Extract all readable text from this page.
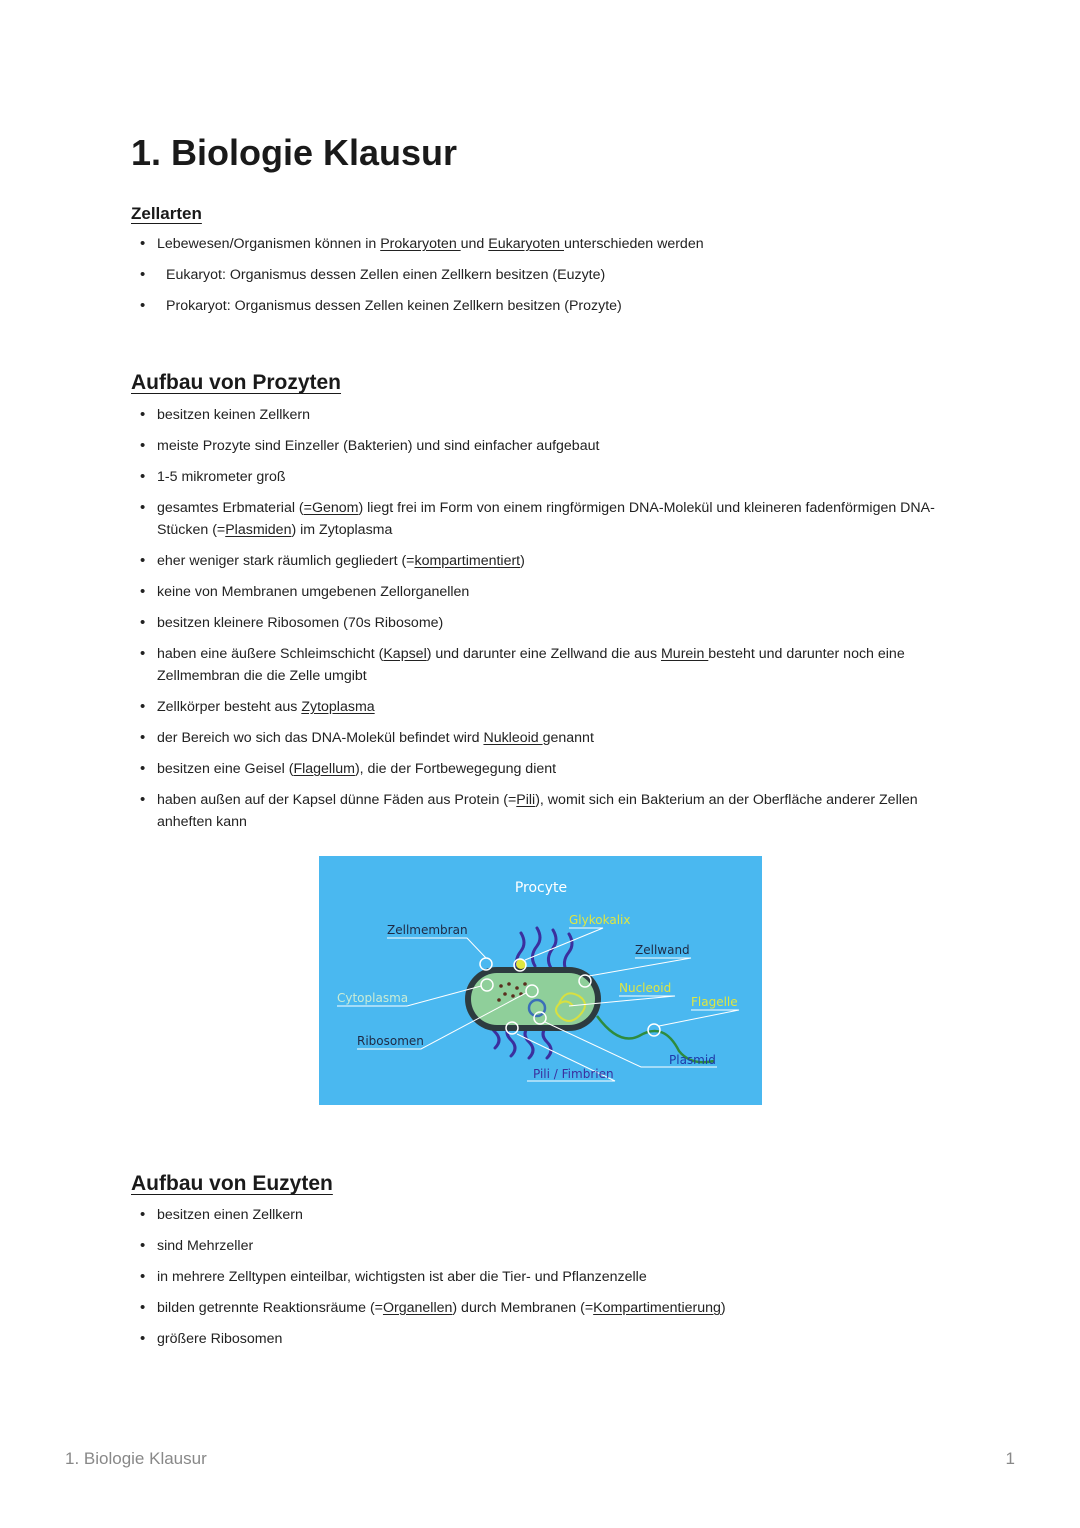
1. Biologie Klausur
Zellarten
• Lebewesen/Organismen können in Prokaryoten und Eukaryoten unterschieden werden
• Eukaryot: Organismus dessen Zellen einen Zellkern besitzen (Euzyte)
• Prokaryot: Organismus dessen Zellen keinen Zellkern besitzen (Prozyte)
Aufbau von Prozyten
• besitzen keinen Zellkern
• meiste Prozyte sind Einzeller (Bakterien) und sind einfacher aufgebaut
• 1-5 mikrometer groß
• gesamtes Erbmaterial (=Genom) liegt frei im Form von einem ringförmigen DNA-Molekül und kleineren fadenförmigen DNA-Stücken (=Plasmiden) im Zytoplasma
• eher weniger stark räumlich gegliedert (=kompartimentiert)
• keine von Membranen umgebenen Zellorganellen
• besitzen kleinere Ribosomen (70s Ribosome)
• haben eine äußere Schleimschicht (Kapsel) und darunter eine Zellwand die aus Murein besteht und darunter noch eine Zellmembran die die Zelle umgibt
• Zellkörper besteht aus Zytoplasma
• der Bereich wo sich das DNA-Molekül befindet wird Nukleoid genannt
• besitzen eine Geisel (Flagellum), die der Fortbewegegung dient
• haben außen auf der Kapsel dünne Fäden aus Protein (=Pili), womit sich ein Bakterium an der Oberfläche anderer Zellen anheften kann
Procyte
Zellmembran
Glykokalix
Zellwand
Nucleoid
Flagelle
Cytoplasma
Ribosomen
Plasmid
Pili / Fimbrien
Aufbau von Euzyten
• besitzen einen Zellkern
• sind Mehrzeller
• in mehrere Zelltypen einteilbar, wichtigsten ist aber die Tier- und Pflanzenzelle
• bilden getrennte Reaktionsräume (=Organellen) durch Membranen (=Kompartimentierung)
• größere Ribosomen
1. Biologie Klausur	1
